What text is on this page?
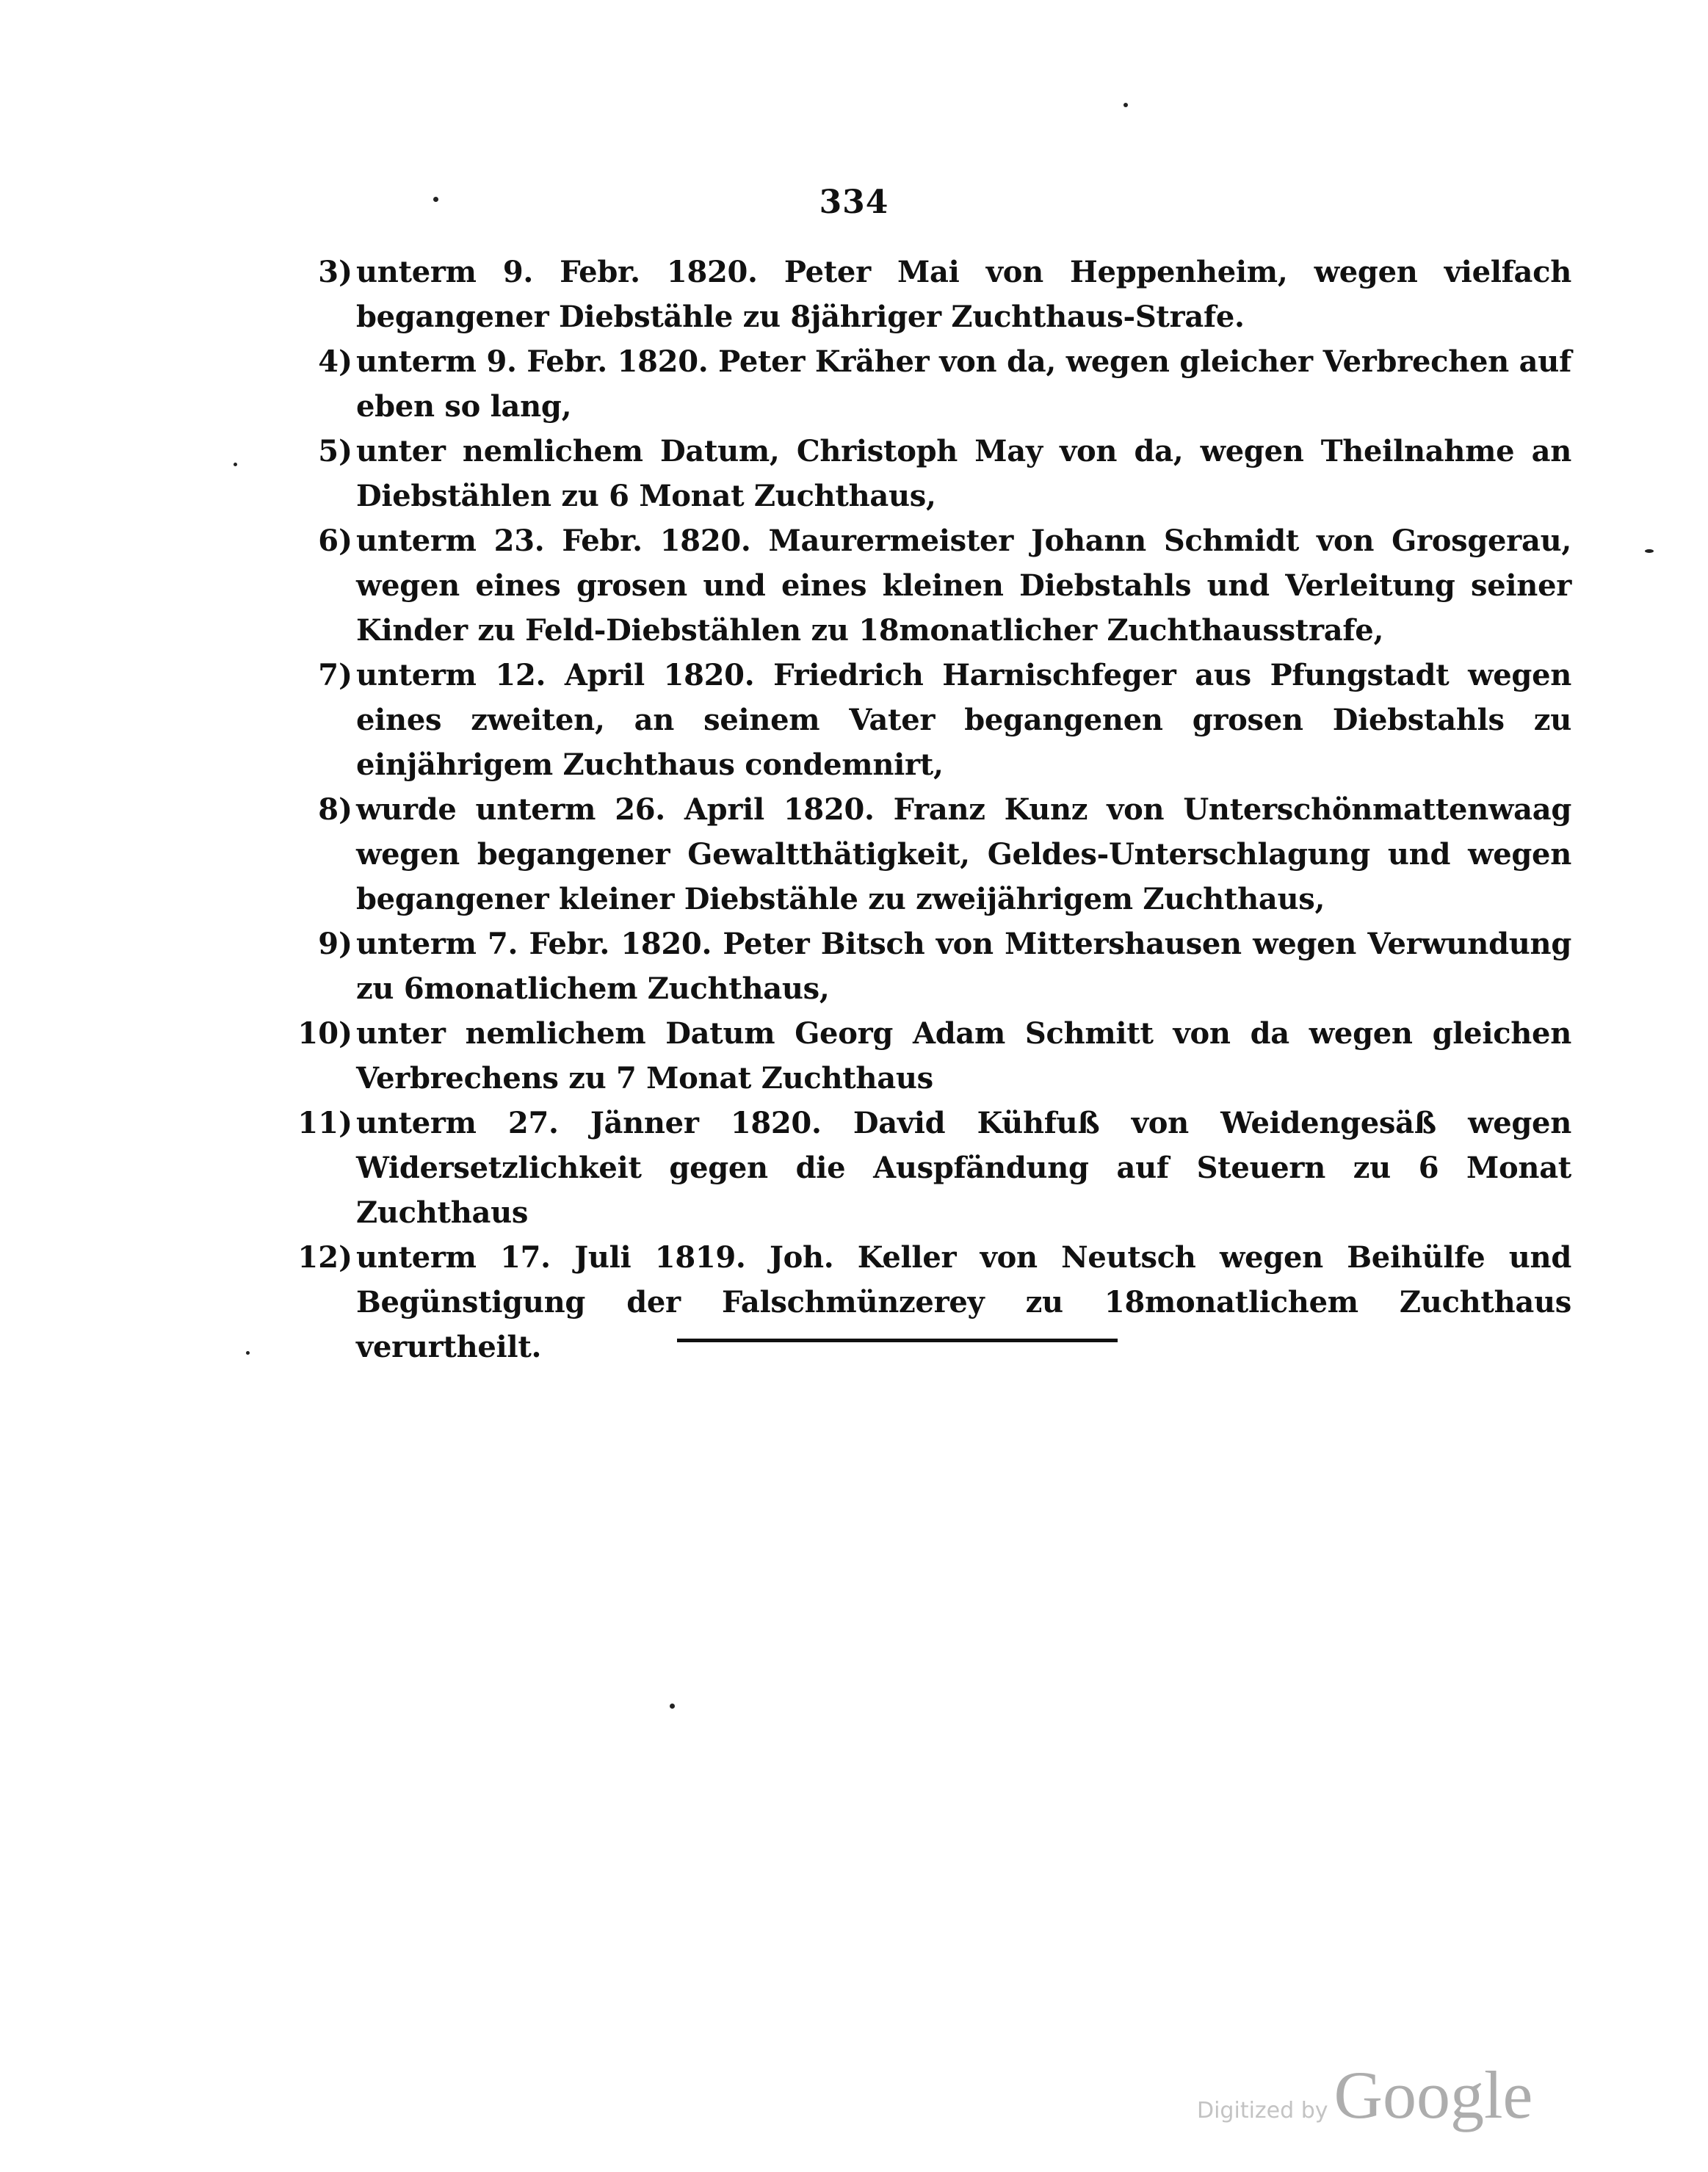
334
3) unterm 9. Febr. 1820. Peter Mai von Heppenheim, wegen vielfach begangener Diebstähle zu 8jähriger Zuchthaus-Strafe.
4) unterm 9. Febr. 1820. Peter Kräher von da, wegen gleicher Verbrechen auf eben so lang,
5) unter nemlichem Datum, Christoph May von da, wegen Theilnahme an Diebstählen zu 6 Monat Zuchthaus,
6) unterm 23. Febr. 1820. Maurermeister Johann Schmidt von Grosgerau, wegen eines grosen und eines kleinen Diebstahls und Verleitung seiner Kinder zu Feld-Diebstählen zu 18monatlicher Zuchthausstrafe,
7) unterm 12. April 1820. Friedrich Harnischfeger aus Pfungstadt wegen eines zweiten, an seinem Vater begangenen grosen Diebstahls zu einjährigem Zuchthaus condemnirt,
8) wurde unterm 26. April 1820. Franz Kunz von Unterschönmattenwaag wegen begangener Gewaltthätigkeit, Geldes-Unterschlagung und wegen begangener kleiner Diebstähle zu zweijährigem Zuchthaus,
9) unterm 7. Febr. 1820. Peter Bitsch von Mittershausen wegen Verwundung zu 6monatlichem Zuchthaus,
10) unter nemlichem Datum Georg Adam Schmitt von da wegen gleichen Verbrechens zu 7 Monat Zuchthaus
11) unterm 27. Jänner 1820. David Kühfuß von Weidengesäß wegen Widersetzlichkeit gegen die Auspfändung auf Steuern zu 6 Monat Zuchthaus
12) unterm 17. Juli 1819. Joh. Keller von Neutsch wegen Beihülfe und Begünstigung der Falschmünzerey zu 18monatlichem Zuchthaus verurtheilt.
Digitized by Google
